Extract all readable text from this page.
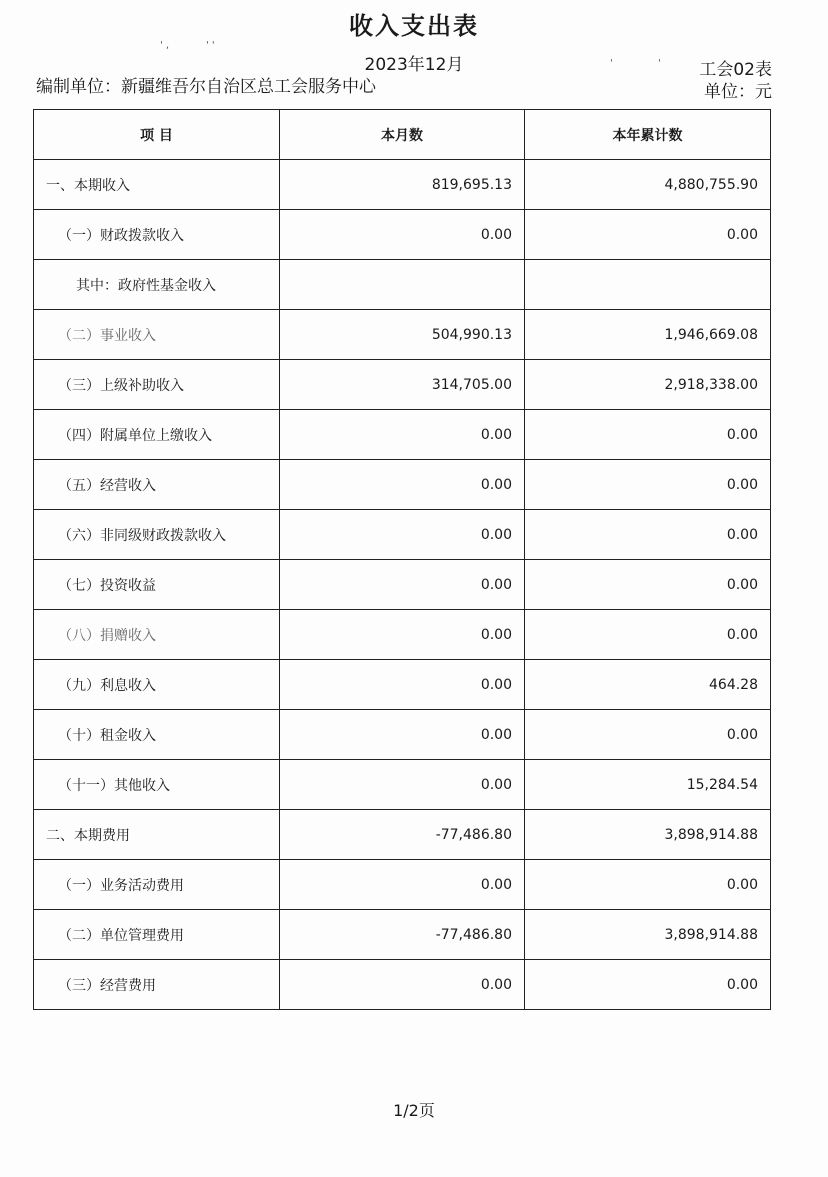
收入支出表
2023年12月
' ,	' '
'	' 工会02表
编制单位：新疆维吾尔自治区总工会服务中心	单位：元
项 目	本月数	本年累计数
一、本期收入	819,695.13	4,880,755.90
（一）财政拨款收入	0.00	0.00
其中：政府性基金收入		
（二）事业收入	504,990.13	1,946,669.08
（三）上级补助收入	314,705.00	2,918,338.00
（四）附属单位上缴收入	0.00	0.00
（五）经营收入	0.00	0.00
（六）非同级财政拨款收入	0.00	0.00
（七）投资收益	0.00	0.00
（八）捐赠收入	0.00	0.00
（九）利息收入	0.00	464.28
（十）租金收入	0.00	0.00
（十一）其他收入	0.00	15,284.54
二、本期费用	-77,486.80	3,898,914.88
（一）业务活动费用	0.00	0.00
（二）单位管理费用	-77,486.80	3,898,914.88
（三）经营费用	0.00	0.00
1/2页
